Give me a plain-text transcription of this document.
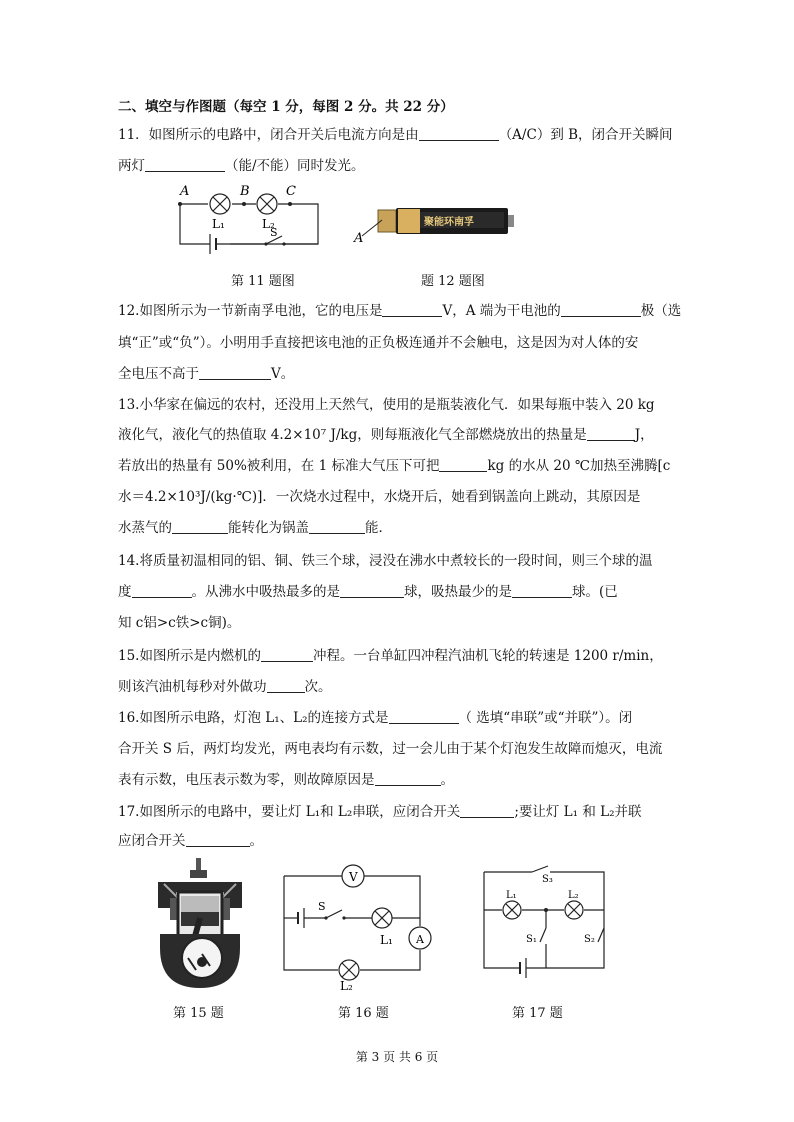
二、填空与作图题（每空 1 分，每图 2 分。共 22 分）
11．如图所示的电路中，闭合开关后电流方向是由	（A/C）到 B，闭合开关瞬间
两灯	（能/不能）同时发光。
A	B	C
L₁	L₂
S
第 11 题图
聚能环南孚
A
题 12 题图
12.如图所示为一节新南孚电池，它的电压是	V，A 端为干电池的	极（选
填“正”或“负”）。小明用手直接把该电池的正负极连通并不会触电，这是因为对人体的安
全电压不高于	V。
13.小华家在偏远的农村，还没用上天然气，使用的是瓶装液化气．如果每瓶中装入 20 kg
液化气，液化气的热值取 4.2×10⁷ J/kg，则每瓶液化气全部燃烧放出的热量是	J，
若放出的热量有 50%被利用，在 1 标准大气压下可把	kg 的水从 20 ℃加热至沸腾[c
水＝4.2×10³J/(kg·℃)]．一次烧水过程中，水烧开后，她看到锅盖向上跳动，其原因是
水蒸气的	能转化为锅盖	能．
14.将质量初温相同的铝、铜、铁三个球，浸没在沸水中煮较长的一段时间，则三个球的温
度	。从沸水中吸热最多的是	球，吸热最少的是	球。(已
知 c铝>c铁>c铜)。
15.如图所示是内燃机的	冲程。一台单缸四冲程汽油机飞轮的转速是 1200 r/min，
则该汽油机每秒对外做功	次。
16.如图所示电路，灯泡 L₁、L₂的连接方式是	（ 选填“串联”或“并联”）。闭
合开关 S 后，两灯均发光，两电表均有示数，过一会儿由于某个灯泡发生故障而熄灭，电流
表有示数，电压表示数为零，则故障原因是	。
17.如图所示的电路中，要让灯 L₁和 L₂串联，应闭合开关	;要让灯 L₁ 和 L₂并联
应闭合开关	。
第 15 题
V
A
S
L₁
L₂
第 16 题
S₃
L₁	L₂
S₁	S₂
第 17 题
第 3 页 共 6 页
